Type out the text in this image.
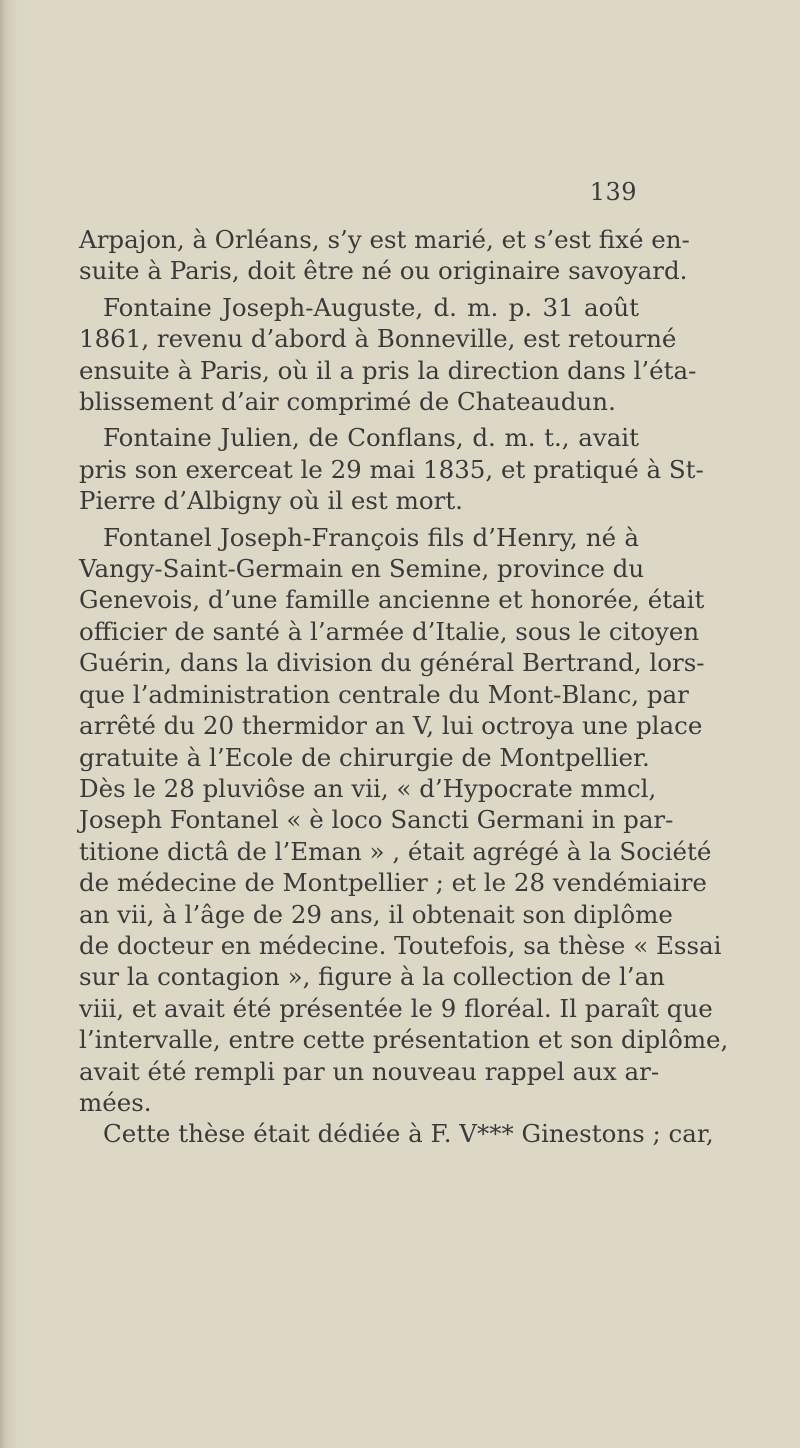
139
Arpajon, à Orléans, s’y est marié, et s’est fixé en-
suite à Paris, doit être né ou originaire savoyard.
Fontaine Joseph-Auguste, d. m. p. 31 août
1861, revenu d’abord à Bonneville, est retourné
ensuite à Paris, où il a pris la direction dans l’éta-
blissement d’air comprimé de Chateaudun.
Fontaine Julien, de Conflans, d. m. t., avait
pris son exerceat le 29 mai 1835, et pratiqué à St-
Pierre d’Albigny où il est mort.
Fontanel Joseph-François fils d’Henry, né à
Vangy-Saint-Germain en Semine, province du
Genevois, d’une famille ancienne et honorée, était
officier de santé à l’armée d’Italie, sous le citoyen
Guérin, dans la division du général Bertrand, lors-
que l’administration centrale du Mont-Blanc, par
arrêté du 20 thermidor an V, lui octroya une place
gratuite à l’Ecole de chirurgie de Montpellier.
Dès le 28 pluviôse an vii, « d’Hypocrate mmcl,
Joseph Fontanel « è loco Sancti Germani in par-
titione dictâ de l’Eman » , était agrégé à la Société
de médecine de Montpellier ; et le 28 vendémiaire
an vii, à l’âge de 29 ans, il obtenait son diplôme
de docteur en médecine. Toutefois, sa thèse « Essai
sur la contagion », figure à la collection de l’an
viii, et avait été présentée le 9 floréal. Il paraît que
l’intervalle, entre cette présentation et son diplôme,
avait été rempli par un nouveau rappel aux ar-
mées.
Cette thèse était dédiée à F. V*** Ginestons ; car,
